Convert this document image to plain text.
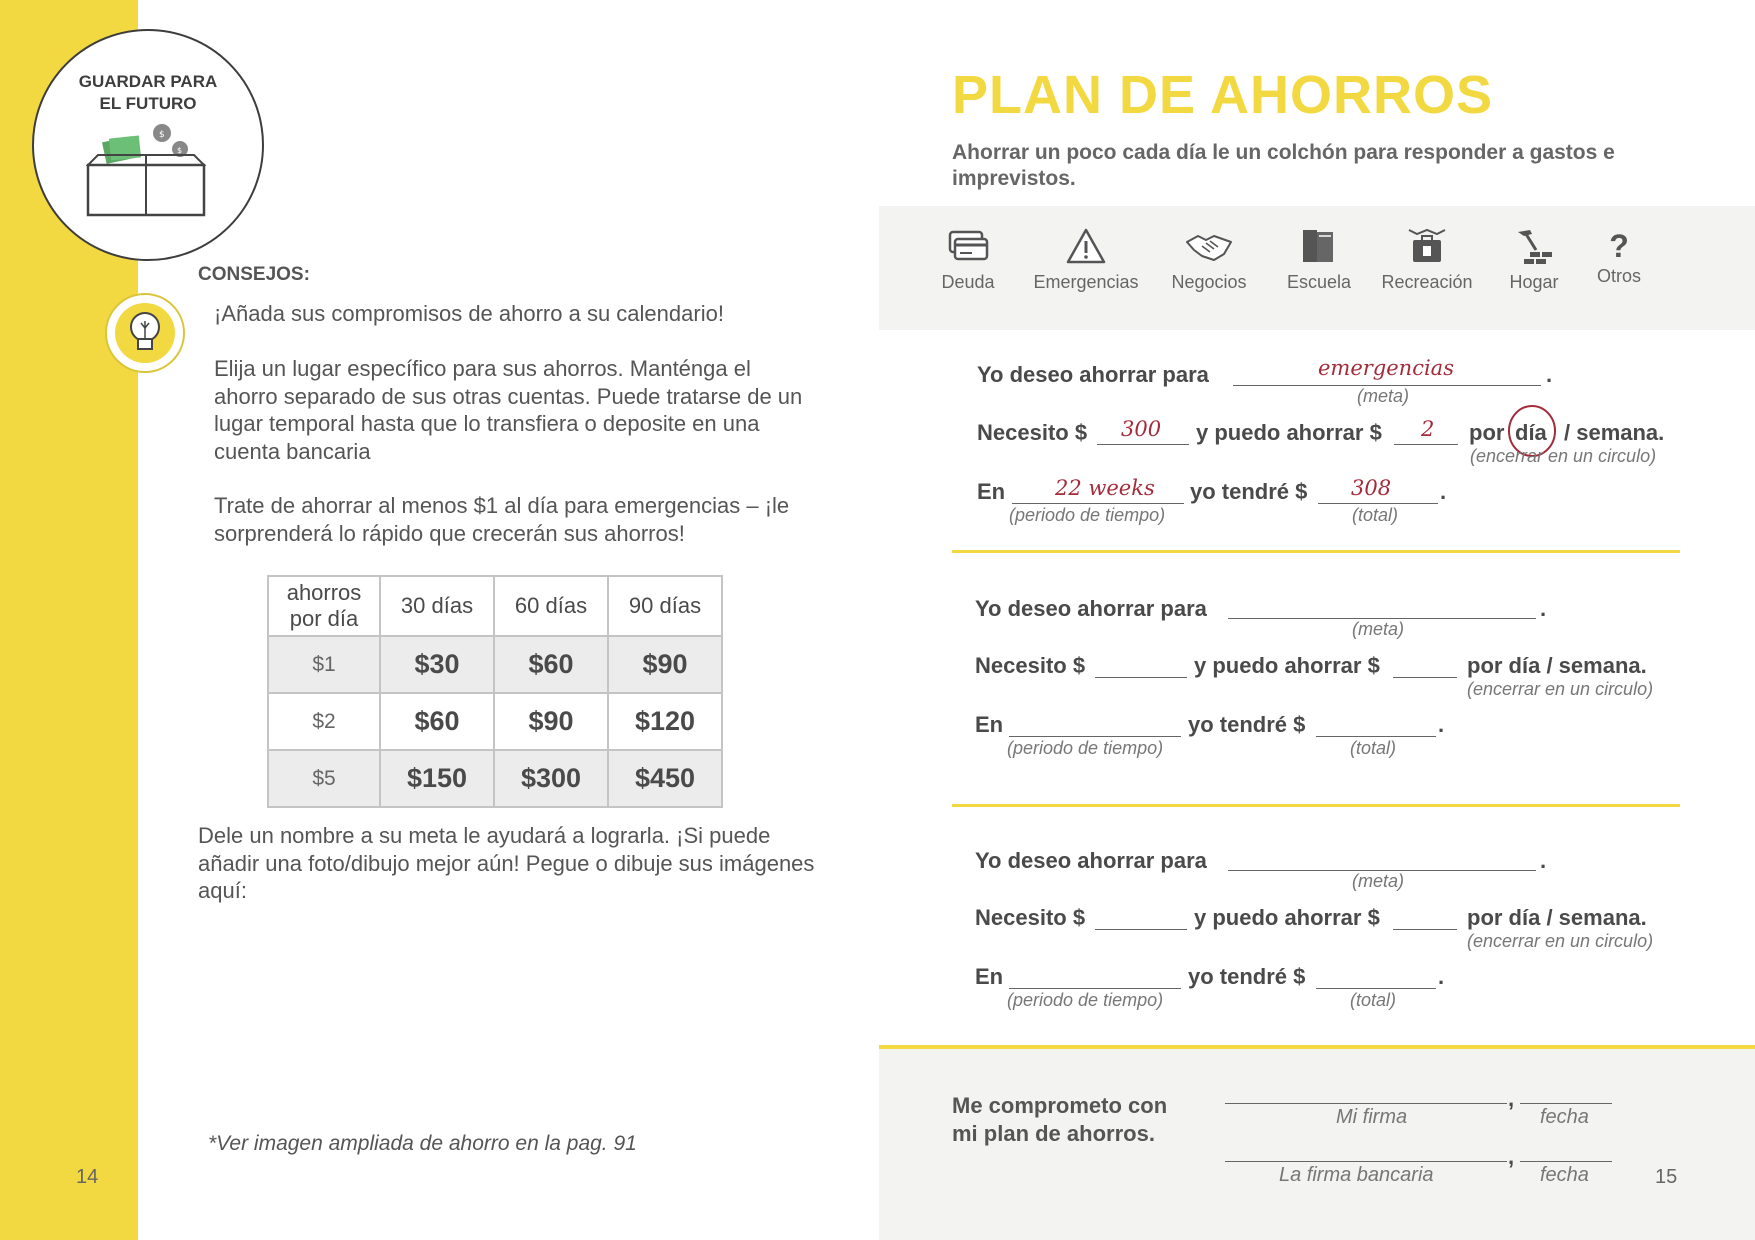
GUARDAR PARA
EL FUTURO
$
$
CONSEJOS:
¡Añada sus compromisos de ahorro a su calendario!
Elija un lugar específico para sus ahorros. Manténga el ahorro separado de sus otras cuentas. Puede tratarse de un lugar temporal hasta que lo transfiera o deposite en una cuenta bancaria
Trate de ahorrar al menos $1 al día para emergencias – ¡le sorprenderá lo rápido que crecerán sus ahorros!
ahorros por día	30 días	60 días	90 días
$1	$30	$60	$90
$2	$60	$90	$120
$5	$150	$300	$450
Dele un nombre a su meta le ayudará a lograrla. ¡Si puede añadir una foto/dibujo mejor aún! Pegue o dibuje sus imágenes aquí:
*Ver imagen ampliada de ahorro en la pag. 91
14
PLAN DE AHORROS
Ahorrar un poco cada día le un colchón para responder a gastos e imprevistos.
Deuda	Emergencias	Negocios	Escuela	Recreación	Hogar
?
Otros
Yo deseo ahorrar para	emergencias	.
(meta)
Necesito $ 300 y puedo ahorrar $ 2 por día / semana.
(encerrar en un circulo)
En 22 weeks yo tendré $ 308 .
(periodo de tiempo)	(total)
Yo deseo ahorrar para	.
(meta)
Necesito $	y puedo ahorrar $	por día / semana.
(encerrar en un circulo)
En	yo tendré $	.
(periodo de tiempo)	(total)
Yo deseo ahorrar para	.
(meta)
Necesito $	y puedo ahorrar $	por día / semana.
(encerrar en un circulo)
En	yo tendré $	.
(periodo de tiempo)	(total)
Me comprometo con mi plan de ahorros.
,
Mi firma	fecha
,
La firma bancaria	fecha	15
